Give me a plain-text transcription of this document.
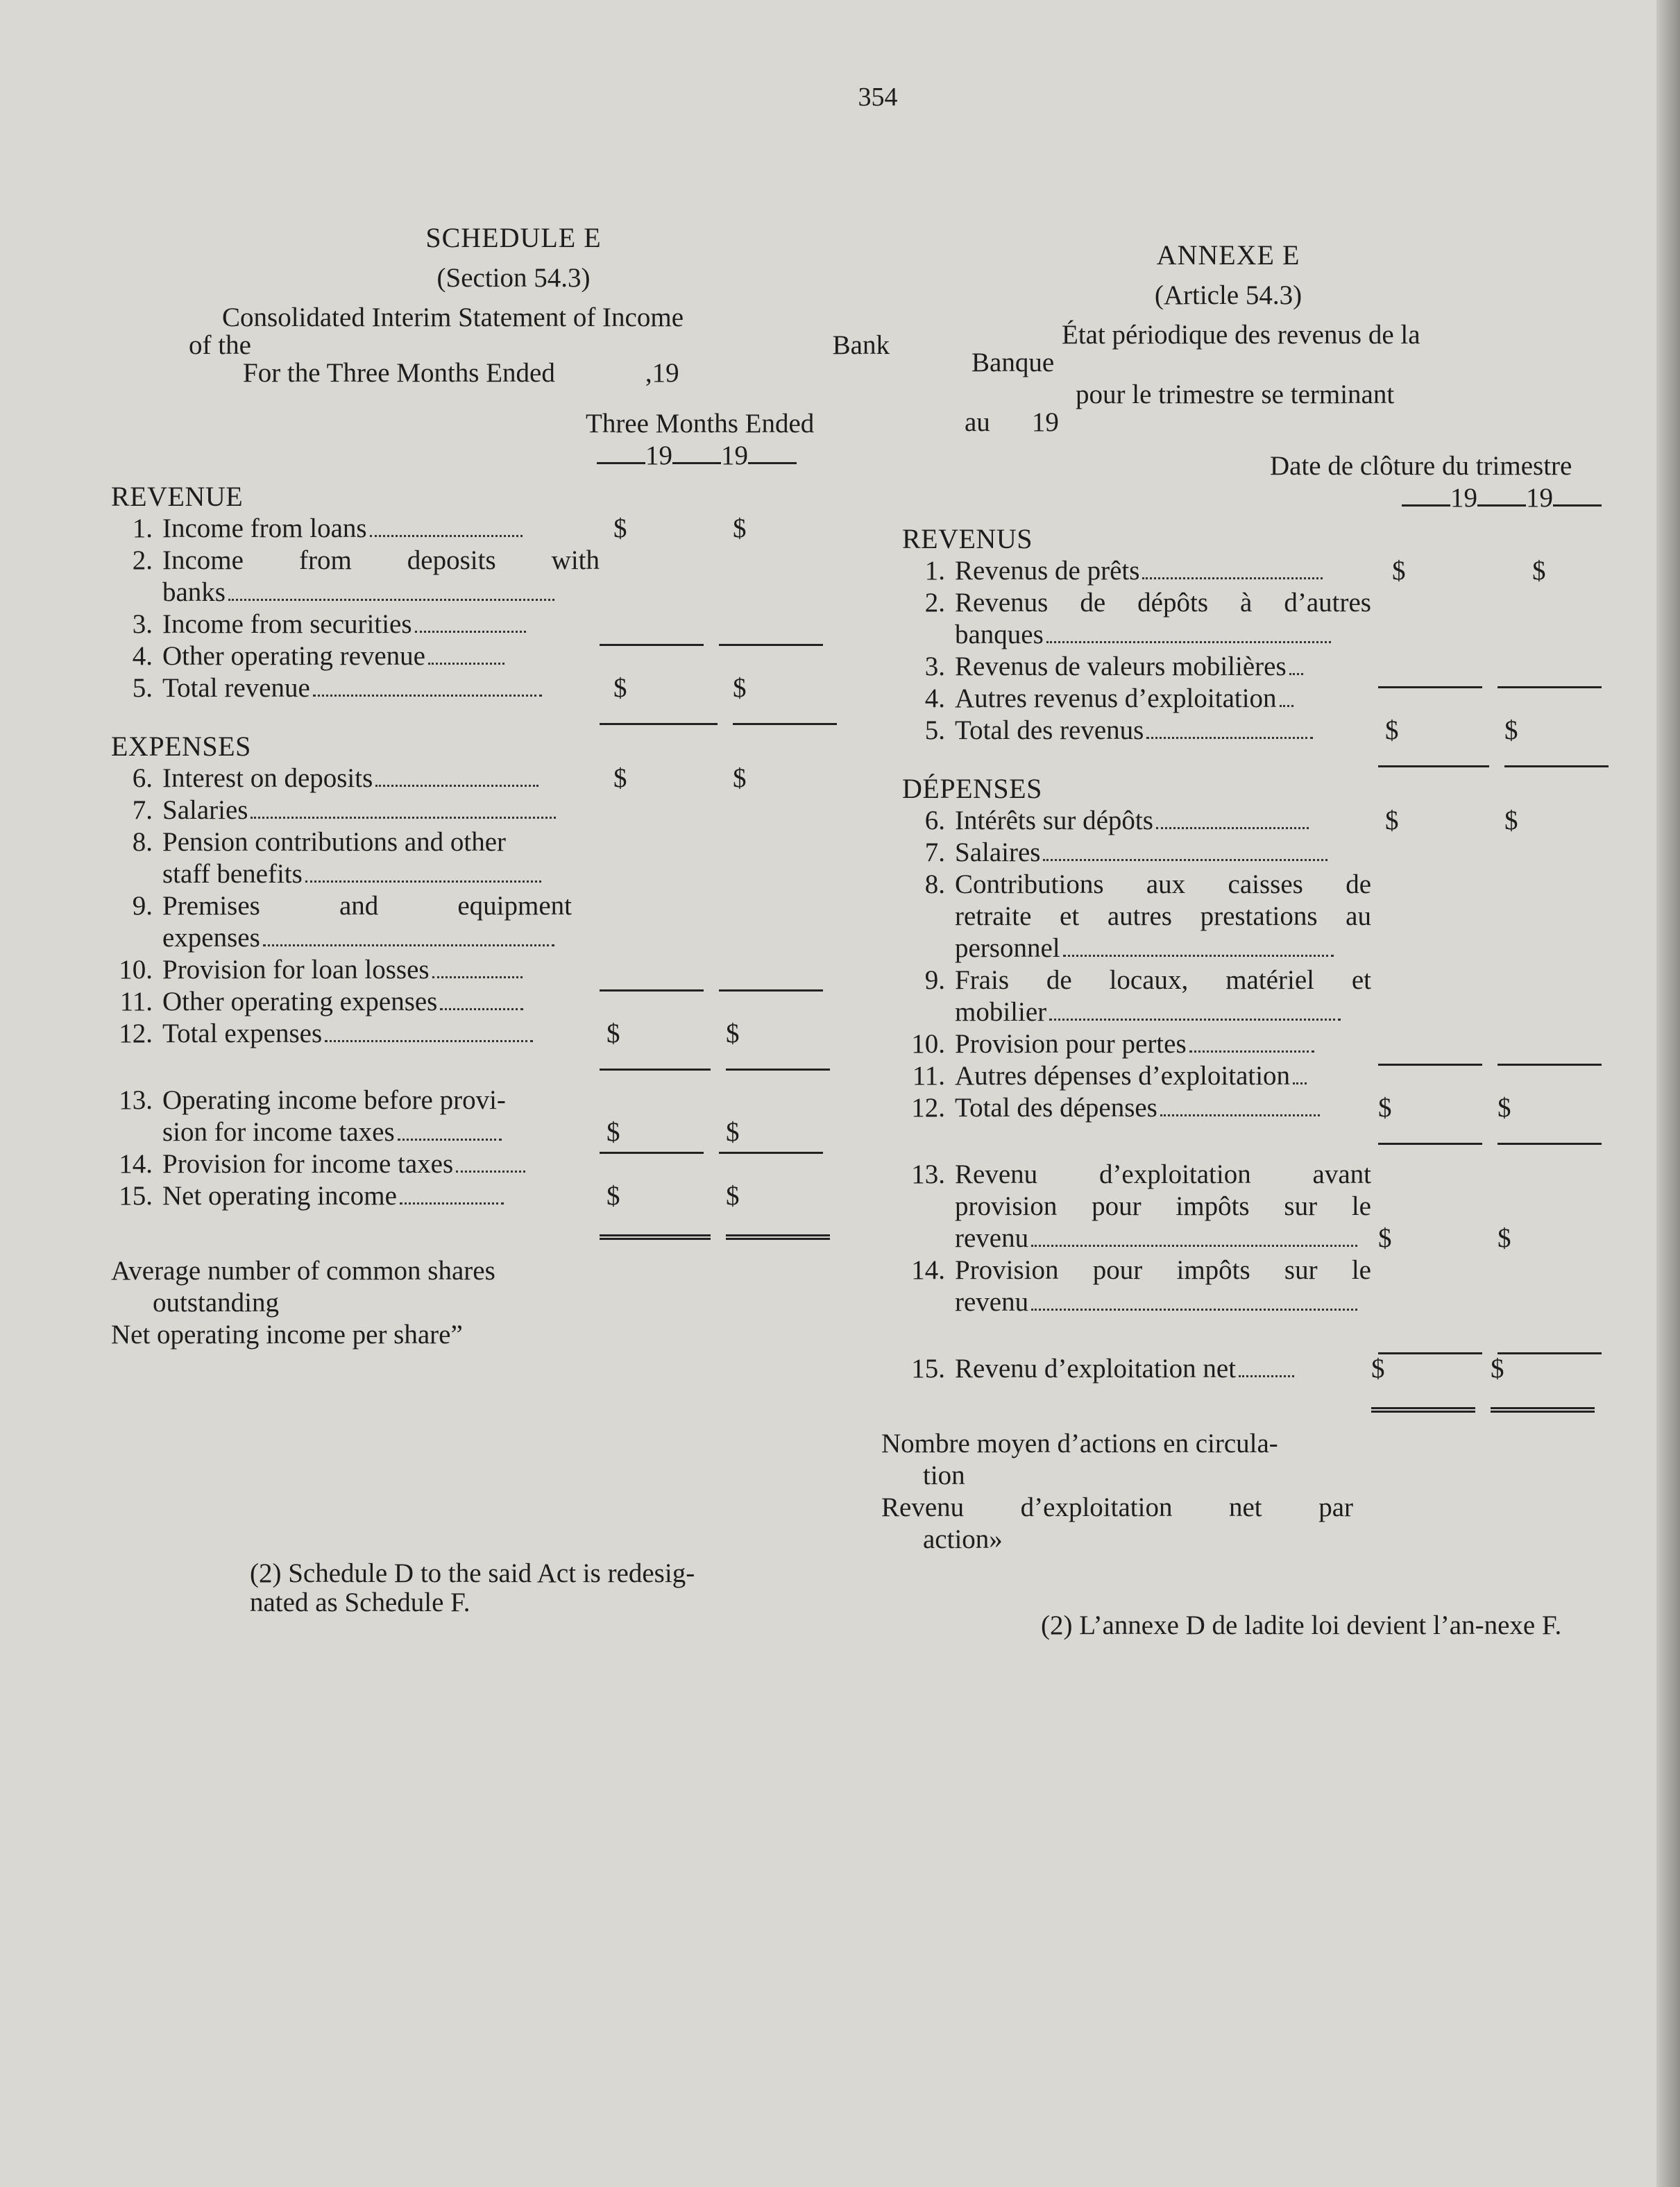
354
SCHEDULE E
(Section 54.3)
Consolidated Interim Statement of Income
of the	Bank
For the Three Months Ended	,19
Three Months Ended
19 19
REVENUE
1. Income from loans	$	$
2. Income from deposits with
banks
3. Income from securities
4. Other operating revenue
5. Total revenue	$	$
EXPENSES
6. Interest on deposits	$	$
7. Salaries
8. Pension contributions and other
staff benefits
9. Premises and equipment
expenses
10. Provision for loan losses
11. Other operating expenses
12. Total expenses	$	$
13. Operating income before provi-
sion for income taxes	$	$
14. Provision for income taxes
15. Net operating income	$	$
Average number of common shares
outstanding
Net operating income per share”
(2) Schedule D to the said Act is redesig-nated as Schedule F.
ANNEXE E
(Article 54.3)
État périodique des revenus de la
Banque
pour le trimestre se terminant
au 19
Date de clôture du trimestre
19 19
REVENUS
1. Revenus de prêts	$	$
2. Revenus de dépôts à d’autres
banques
3. Revenus de valeurs mobilières
4. Autres revenus d’exploitation
5. Total des revenus	$	$
DÉPENSES
6. Intérêts sur dépôts	$	$
7. Salaires
8. Contributions aux caisses de
retraite et autres prestations au
personnel
9. Frais de locaux, matériel et
mobilier
10. Provision pour pertes
11. Autres dépenses d’exploitation
12. Total des dépenses	$	$
13. Revenu d’exploitation avant
provision pour impôts sur le
revenu	$	$
14. Provision pour impôts sur le
revenu
15. Revenu d’exploitation net	$	$
Nombre moyen d’actions en circula-
tion
Revenu d’exploitation net par
action»
(2) L’annexe D de ladite loi devient l’an-nexe F.
